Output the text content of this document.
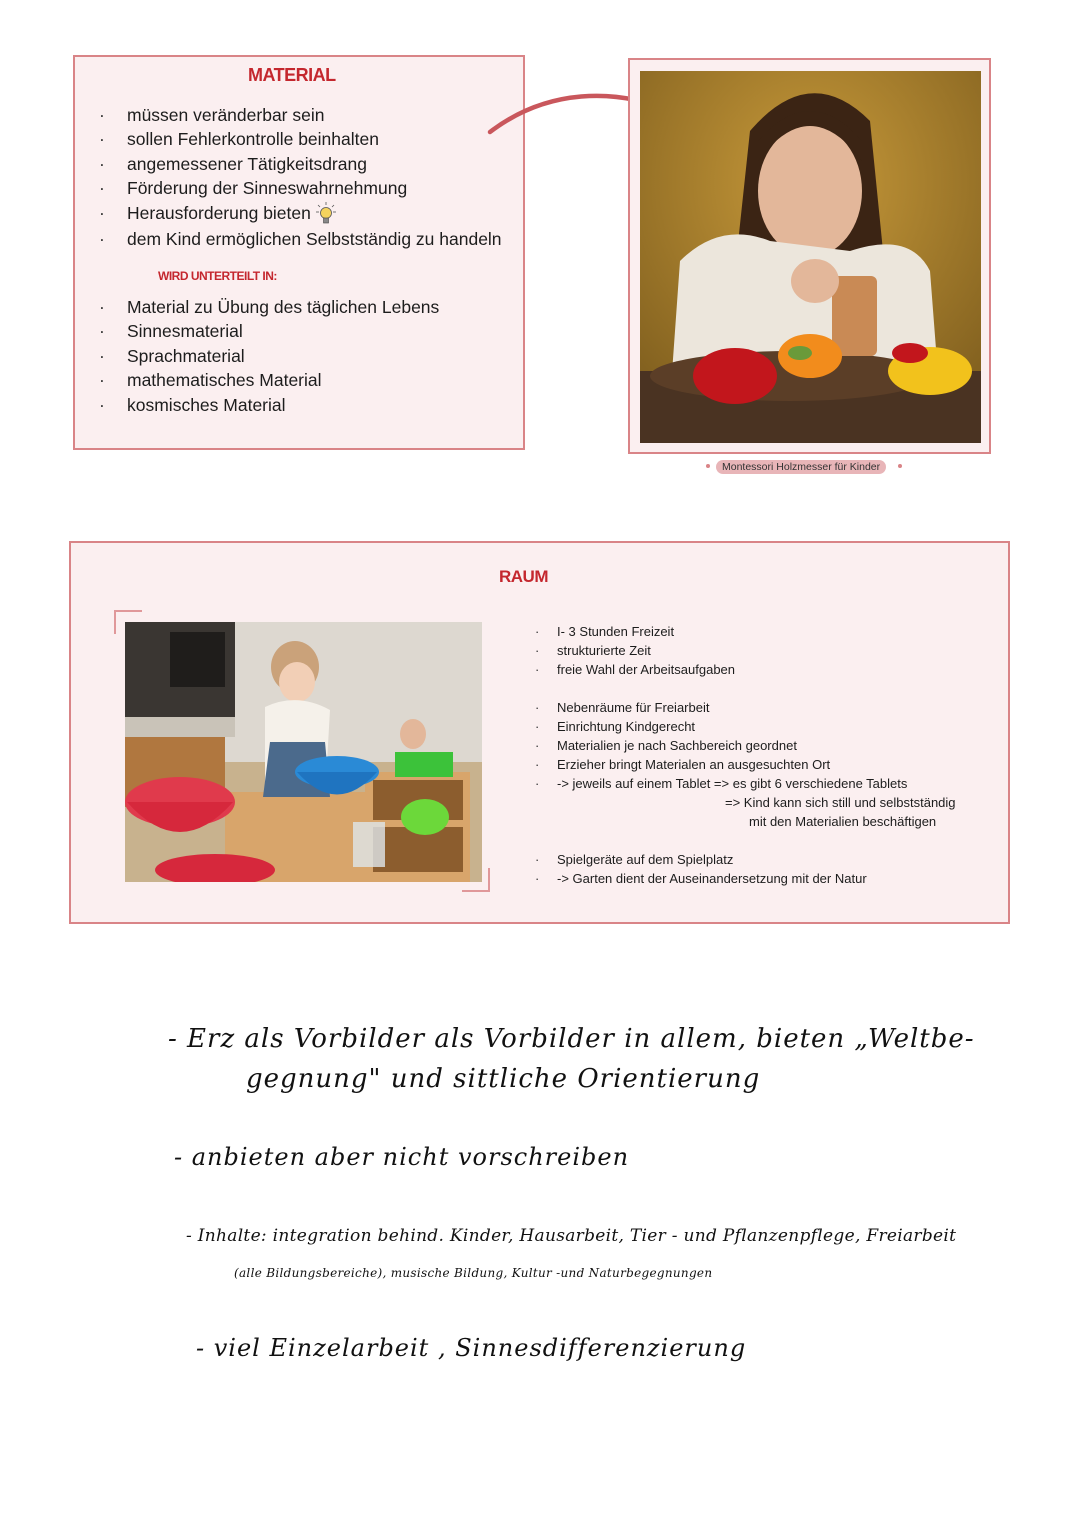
MATERIAL
· müssen veränderbar sein
· sollen Fehlerkontrolle beinhalten
· angemessener Tätigkeitsdrang
· Förderung der Sinneswahrnehmung
· Herausforderung bieten
· dem Kind ermöglichen Selbstständig zu handeln
WIRD UNTERTEILT IN:
· Material zu Übung des täglichen Lebens
· Sinnesmaterial
· Sprachmaterial
· mathematisches Material
· kosmisches Material
Montessori Holzmesser für Kinder
RAUM
· I- 3 Stunden Freizeit
· strukturierte Zeit
· freie Wahl der Arbeitsaufgaben
· Nebenräume für Freiarbeit
· Einrichtung Kindgerecht
· Materialien je nach Sachbereich geordnet
· Erzieher bringt Materialen an ausgesuchten Ort
· -> jeweils auf einem Tablet => es gibt 6 verschiedene Tablets
=> Kind kann sich still und selbstständig
mit den Materialien beschäftigen
· Spielgeräte auf dem Spielplatz
· -> Garten dient der Auseinandersetzung mit der Natur
- Erz als Vorbilder als Vorbilder in allem, bieten „Weltbe-
gegnung" und sittliche Orientierung
- anbieten aber nicht vorschreiben
- Inhalte: integration behind. Kinder, Hausarbeit, Tier - und Pflanzenpflege, Freiarbeit
(alle Bildungsbereiche), musische Bildung, Kultur -und Naturbegegnungen
- viel Einzelarbeit , Sinnesdifferenzierung
